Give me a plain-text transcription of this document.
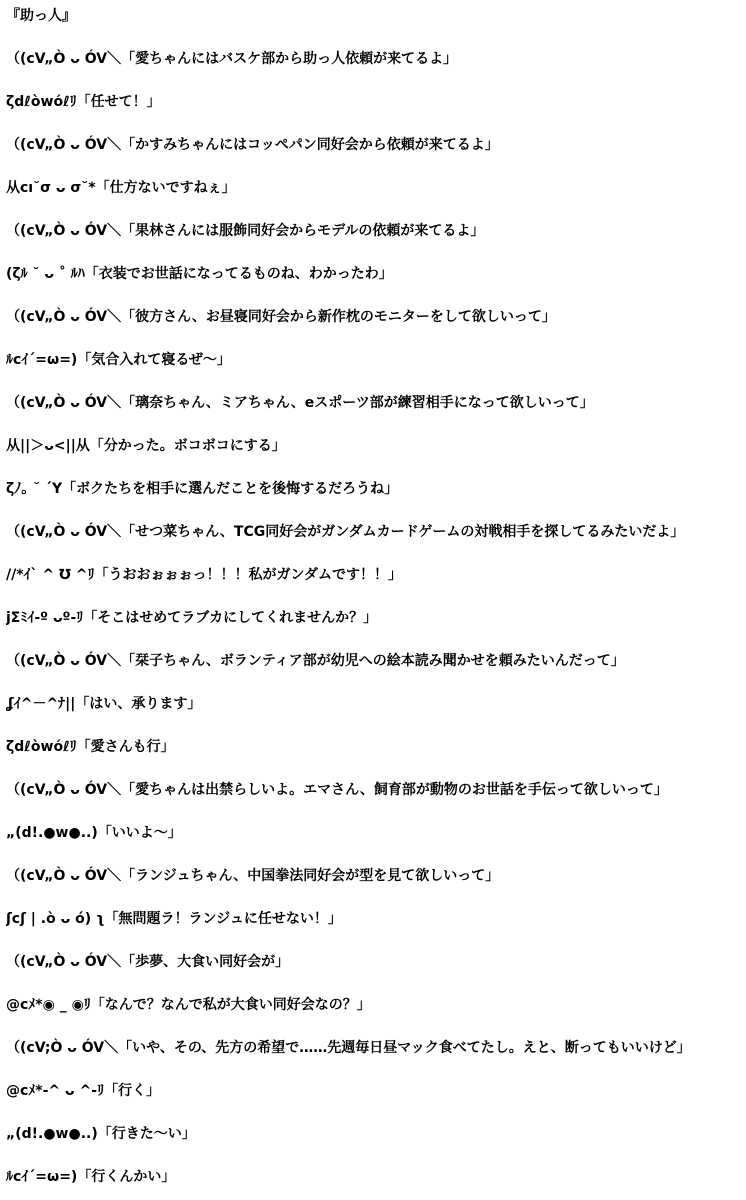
『助っ人』
（(cV„Ò ᴗ ÓV＼「愛ちゃんにはバスケ部から助っ人依頼が来てるよ」
ζdℓòᴡόℓﾘ「任せて！」
（(cV„Ò ᴗ ÓV＼「かすみちゃんにはコッペパン同好会から依頼が来てるよ」
从cı˘σ ᴗ σ˘*「仕方ないですねぇ」
（(cV„Ò ᴗ ÓV＼「果林さんには服飾同好会からモデルの依頼が来てるよ」
(ζﾙ ˘ ᴗ ˚ ﾙﾊ「衣装でお世話になってるものね、わかったわ」
（(cV„Ò ᴗ ÓV＼「彼方さん、お昼寝同好会から新作枕のモニターをして欲しいって」
ﾙcｲ´=ω=)「気合入れて寝るぜ〜」
（(cV„Ò ᴗ ÓV＼「璃奈ちゃん、ミアちゃん、eスポーツ部が練習相手になって欲しいって」
从||＞ᴗ<||从「分かった。ボコボコにする」
ζﾉ｡ ˘ ´Y「ボクたちを相手に選んだことを後悔するだろうね」
（(cV„Ò ᴗ ÓV＼「せつ菜ちゃん、TCG同好会がガンダムカードゲームの対戦相手を探してるみたいだよ」
//*ｲ` ^ ℧ ^ﾘ「うおおぉぉぉっ！！！私がガンダムです！！」
jΣﾐｲ-º ᴗº-ﾘ「そこはせめてラブカにしてくれませんか？」
（(cV„Ò ᴗ ÓV＼「栞子ちゃん、ボランティア部が幼児への絵本読み聞かせを頼みたいんだって」
ʆｲ^－^ﾅ||「はい、承ります」
ζdℓòᴡόℓﾘ「愛さんも行」
（(cV„Ò ᴗ ÓV＼「愛ちゃんは出禁らしいよ。エマさん、飼育部が動物のお世話を手伝って欲しいって」
„(d!.●ᴡ●..)「いいよ〜」
（(cV„Ò ᴗ ÓV＼「ランジュちゃん、中国拳法同好会が型を見て欲しいって」
ʃcʃ | .ò ᴗ ó) ʅ「無問題ラ！ランジュに任せない！」
（(cV„Ò ᴗ ÓV＼「歩夢、大食い同好会が」
@cﾒ*◉ _ ◉ﾘ「なんで？なんで私が大食い同好会なの？」
（(cV;Ò ᴗ ÓV＼「いや、その、先方の希望で……先週毎日昼マック食べてたし。えと、断ってもいいけど」
@cﾒ*-^ ᴗ ^-ﾘ「行く」
„(d!.●ᴡ●..)「行きた〜い」
ﾙcｲ´=ω=)「行くんかい」
